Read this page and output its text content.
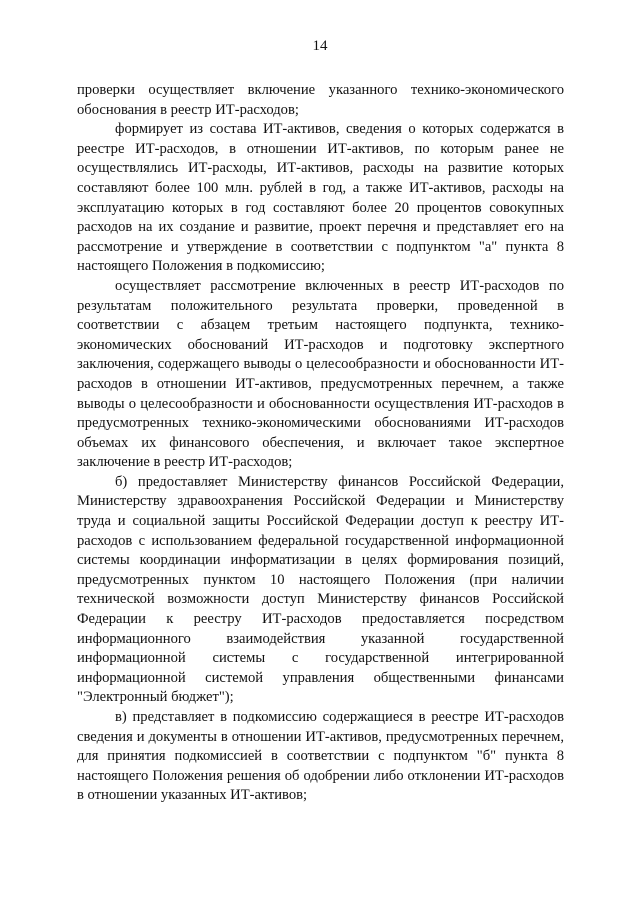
14

проверки осуществляет включение указанного технико-экономического обоснования в реестр ИТ-расходов;

формирует из состава ИТ-активов, сведения о которых содержатся в реестре ИТ-расходов, в отношении ИТ-активов, по которым ранее не осуществлялись ИТ-расходы, ИТ-активов, расходы на развитие которых составляют более 100 млн. рублей в год, а также ИТ-активов, расходы на эксплуатацию которых в год составляют более 20 процентов совокупных расходов на их создание и развитие, проект перечня и представляет его на рассмотрение и утверждение в соответствии с подпунктом "а" пункта 8 настоящего Положения в подкомиссию;

осуществляет рассмотрение включенных в реестр ИТ-расходов по результатам положительного результата проверки, проведенной в соответствии с абзацем третьим настоящего подпункта, технико-экономических обоснований ИТ-расходов и подготовку экспертного заключения, содержащего выводы о целесообразности и обоснованности ИТ-расходов в отношении ИТ-активов, предусмотренных перечнем, а также выводы о целесообразности и обоснованности осуществления ИТ-расходов в предусмотренных технико-экономическими обоснованиями ИТ-расходов объемах их финансового обеспечения, и включает такое экспертное заключение в реестр ИТ-расходов;

б) предоставляет Министерству финансов Российской Федерации, Министерству здравоохранения Российской Федерации и Министерству труда и социальной защиты Российской Федерации доступ к реестру ИТ-расходов с использованием федеральной государственной информационной системы координации информатизации в целях формирования позиций, предусмотренных пунктом 10 настоящего Положения (при наличии технической возможности доступ Министерству финансов Российской Федерации к реестру ИТ-расходов предоставляется посредством информационного взаимодействия указанной государственной информационной системы с государственной интегрированной информационной системой управления общественными финансами "Электронный бюджет");

в) представляет в подкомиссию содержащиеся в реестре ИТ-расходов сведения и документы в отношении ИТ-активов, предусмотренных перечнем, для принятия подкомиссией в соответствии с подпунктом "б" пункта 8 настоящего Положения решения об одобрении либо отклонении ИТ-расходов в отношении указанных ИТ-активов;
